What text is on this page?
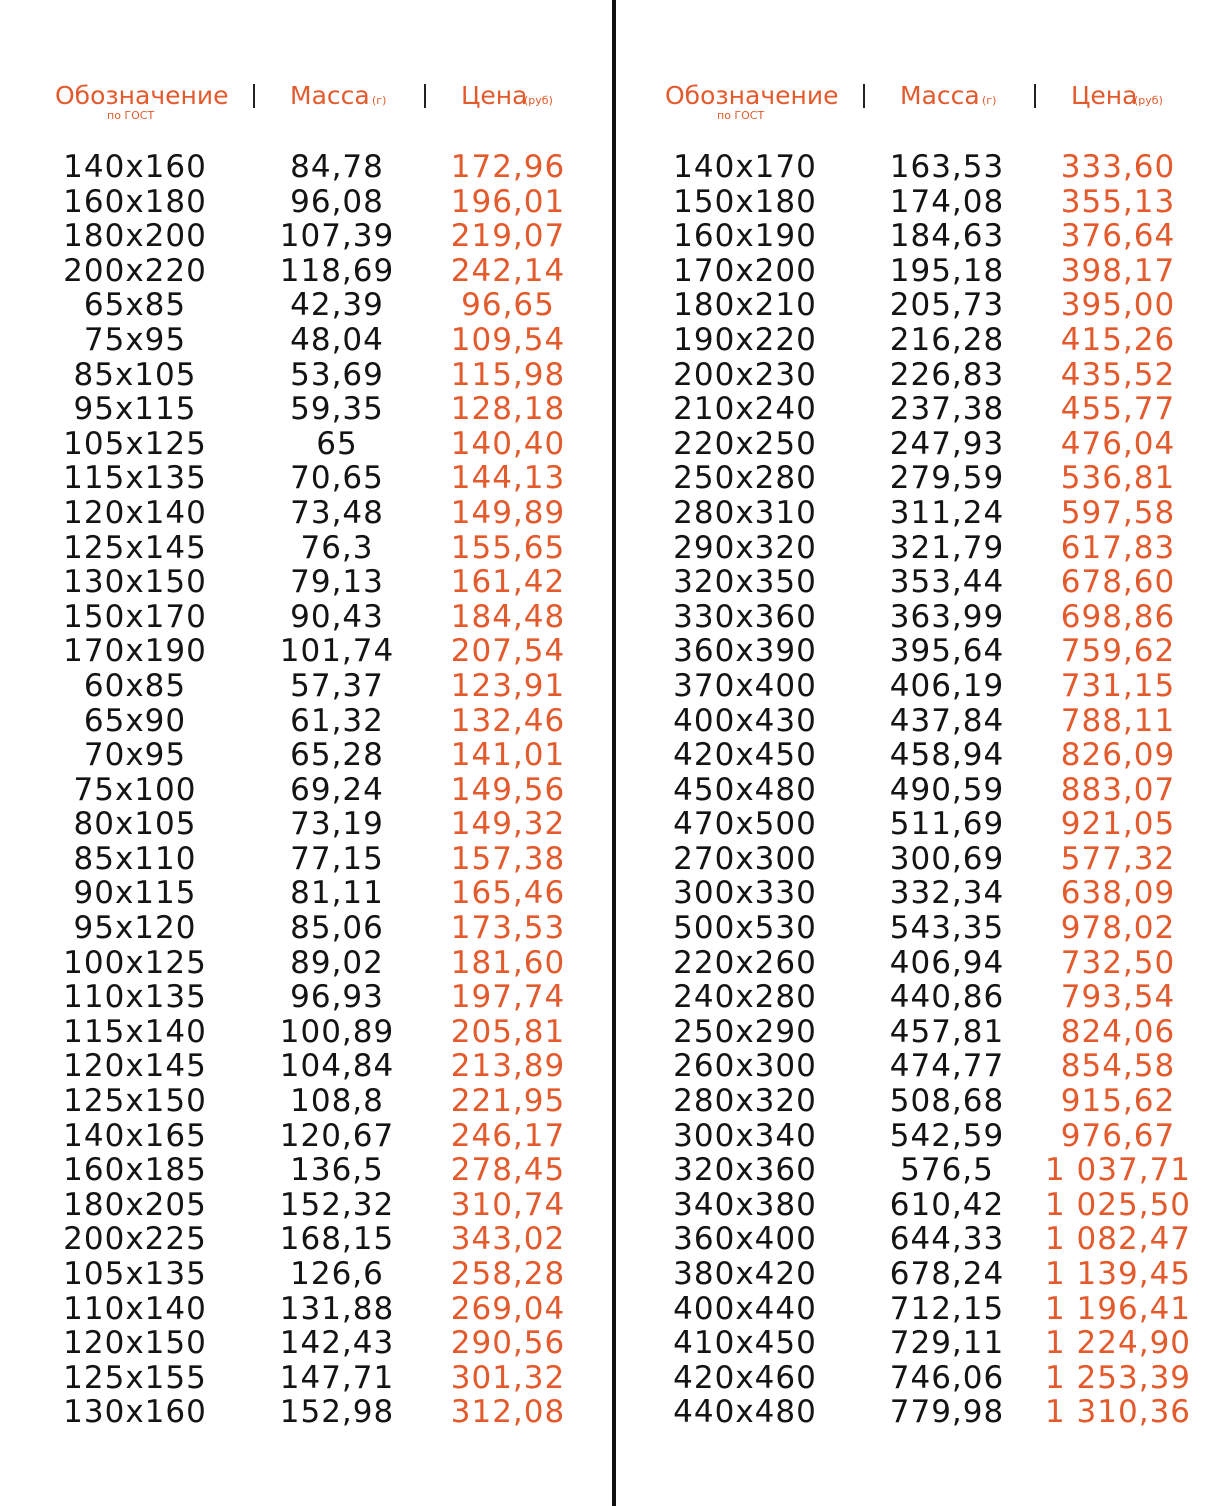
Обозначение
по ГОСТ
Масса (г)	Цена
(руб)
140x160	84,78 172,96
160x180	96,08 196,01
180x200 107,39 219,07
200x220 118,69 242,14
65x85	42,39 96,65
75x95	48,04 109,54
85x105	53,69 115,98
95x115	59,35 128,18
105x125	65	140,40
115x135	70,65 144,13
120x140	73,48 149,89
125x145	76,3 155,65
130x150	79,13 161,42
150x170	90,43 184,48
170x190 101,74 207,54
60x85	57,37 123,91
65x90	61,32 132,46
70x95	65,28 141,01
75x100	69,24 149,56
80x105	73,19 149,32
85x110	77,15 157,38
90x115	81,11 165,46
95x120	85,06 173,53
100x125	89,02 181,60
110x135	96,93 197,74
115x140 100,89 205,81
120x145 104,84 213,89
125x150	108,8 221,95
140x165 120,67 246,17
160x185	136,5 278,45
180x205 152,32 310,74
200x225 168,15 343,02
105x135	126,6 258,28
110x140 131,88 269,04
120x150 142,43 290,56
125x155 147,71 301,32
130x160 152,98 312,08
Обозначение
по ГОСТ
Масса (г)	Цена
(руб)
140x170 163,53 333,60
150x180 174,08 355,13
160x190 184,63 376,64
170x200 195,18 398,17
180x210 205,73 395,00
190x220 216,28 415,26
200x230 226,83 435,52
210x240 237,38 455,77
220x250 247,93 476,04
250x280 279,59 536,81
280x310 311,24 597,58
290x320 321,79 617,83
320x350 353,44 678,60
330x360 363,99 698,86
360x390 395,64 759,62
370x400 406,19 731,15
400x430 437,84 788,11
420x450 458,94 826,09
450x480 490,59 883,07
470x500 511,69 921,05
270x300 300,69 577,32
300x330 332,34 638,09
500x530 543,35 978,02
220x260 406,94 732,50
240x280 440,86 793,54
250x290 457,81 824,06
260x300 474,77 854,58
280x320 508,68 915,62
300x340 542,59 976,67
320x360	576,5 1 037,71
340x380 610,42 1 025,50
360x400 644,33 1 082,47
380x420 678,24 1 139,45
400x440 712,15 1 196,41
410x450 729,11 1 224,90
420x460 746,06 1 253,39
440x480 779,98 1 310,36
